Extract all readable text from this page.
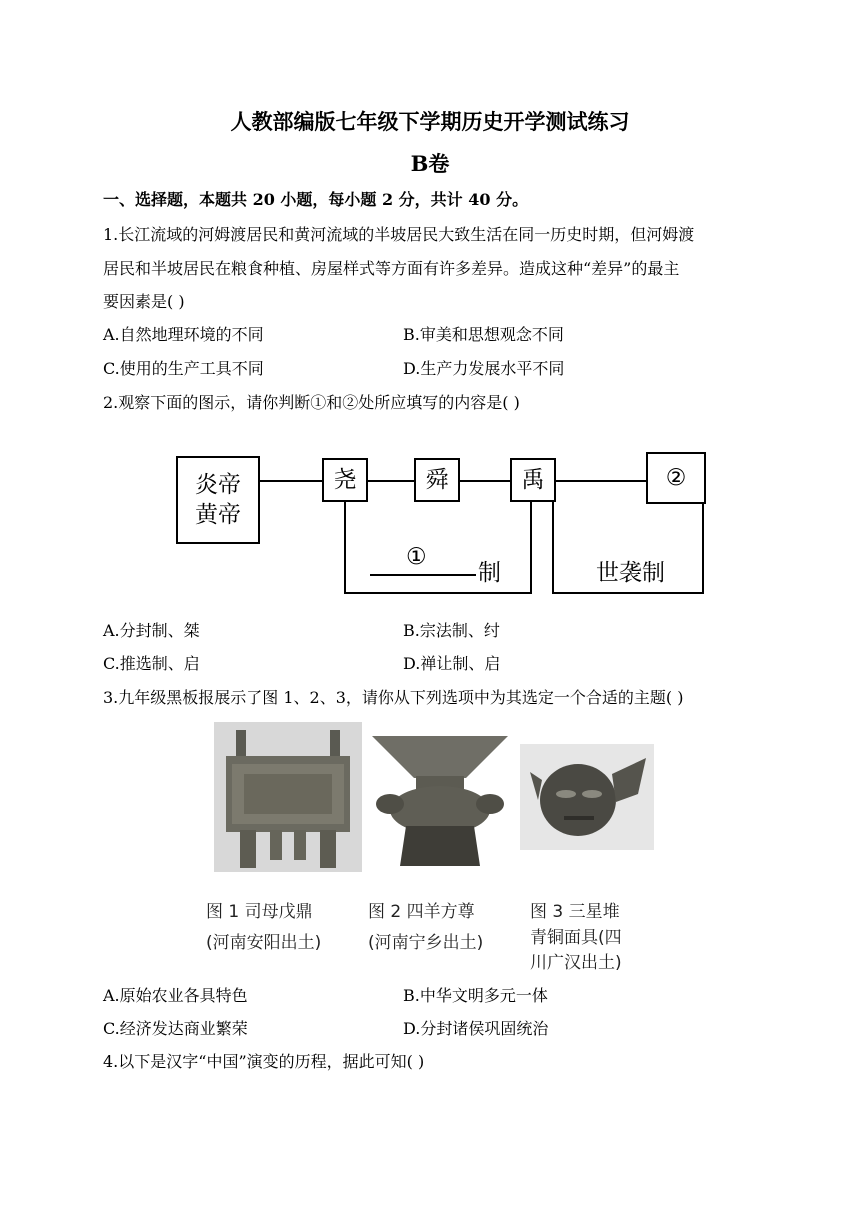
人教部编版七年级下学期历史开学测试练习
B卷
一、选择题，本题共 20 小题，每小题 2 分，共计 40 分。
1.长江流域的河姆渡居民和黄河流域的半坡居民大致生活在同一历史时期，但河姆渡
居民和半坡居民在粮食种植、房屋样式等方面有许多差异。造成这种“差异”的最主
要因素是( )
A.自然地理环境的不同	B.审美和思想观念不同
C.使用的生产工具不同	D.生产力发展水平不同
2.观察下面的图示，请你判断①和②处所应填写的内容是( )
炎帝
黄帝
尧	舜	禹	②
①
制	世袭制
A.分封制、桀	B.宗法制、纣
C.推选制、启	D.禅让制、启
3.九年级黑板报展示了图 1、2、3，请你从下列选项中为其选定一个合适的主题( )
图 1 司母戊鼎
(河南安阳出土)
图 2 四羊方尊
(河南宁乡出土)
图 3 三星堆
青铜面具(四
川广汉出土)
A.原始农业各具特色	B.中华文明多元一体
C.经济发达商业繁荣	D.分封诸侯巩固统治
4.以下是汉字“中国”演变的历程，据此可知( )
